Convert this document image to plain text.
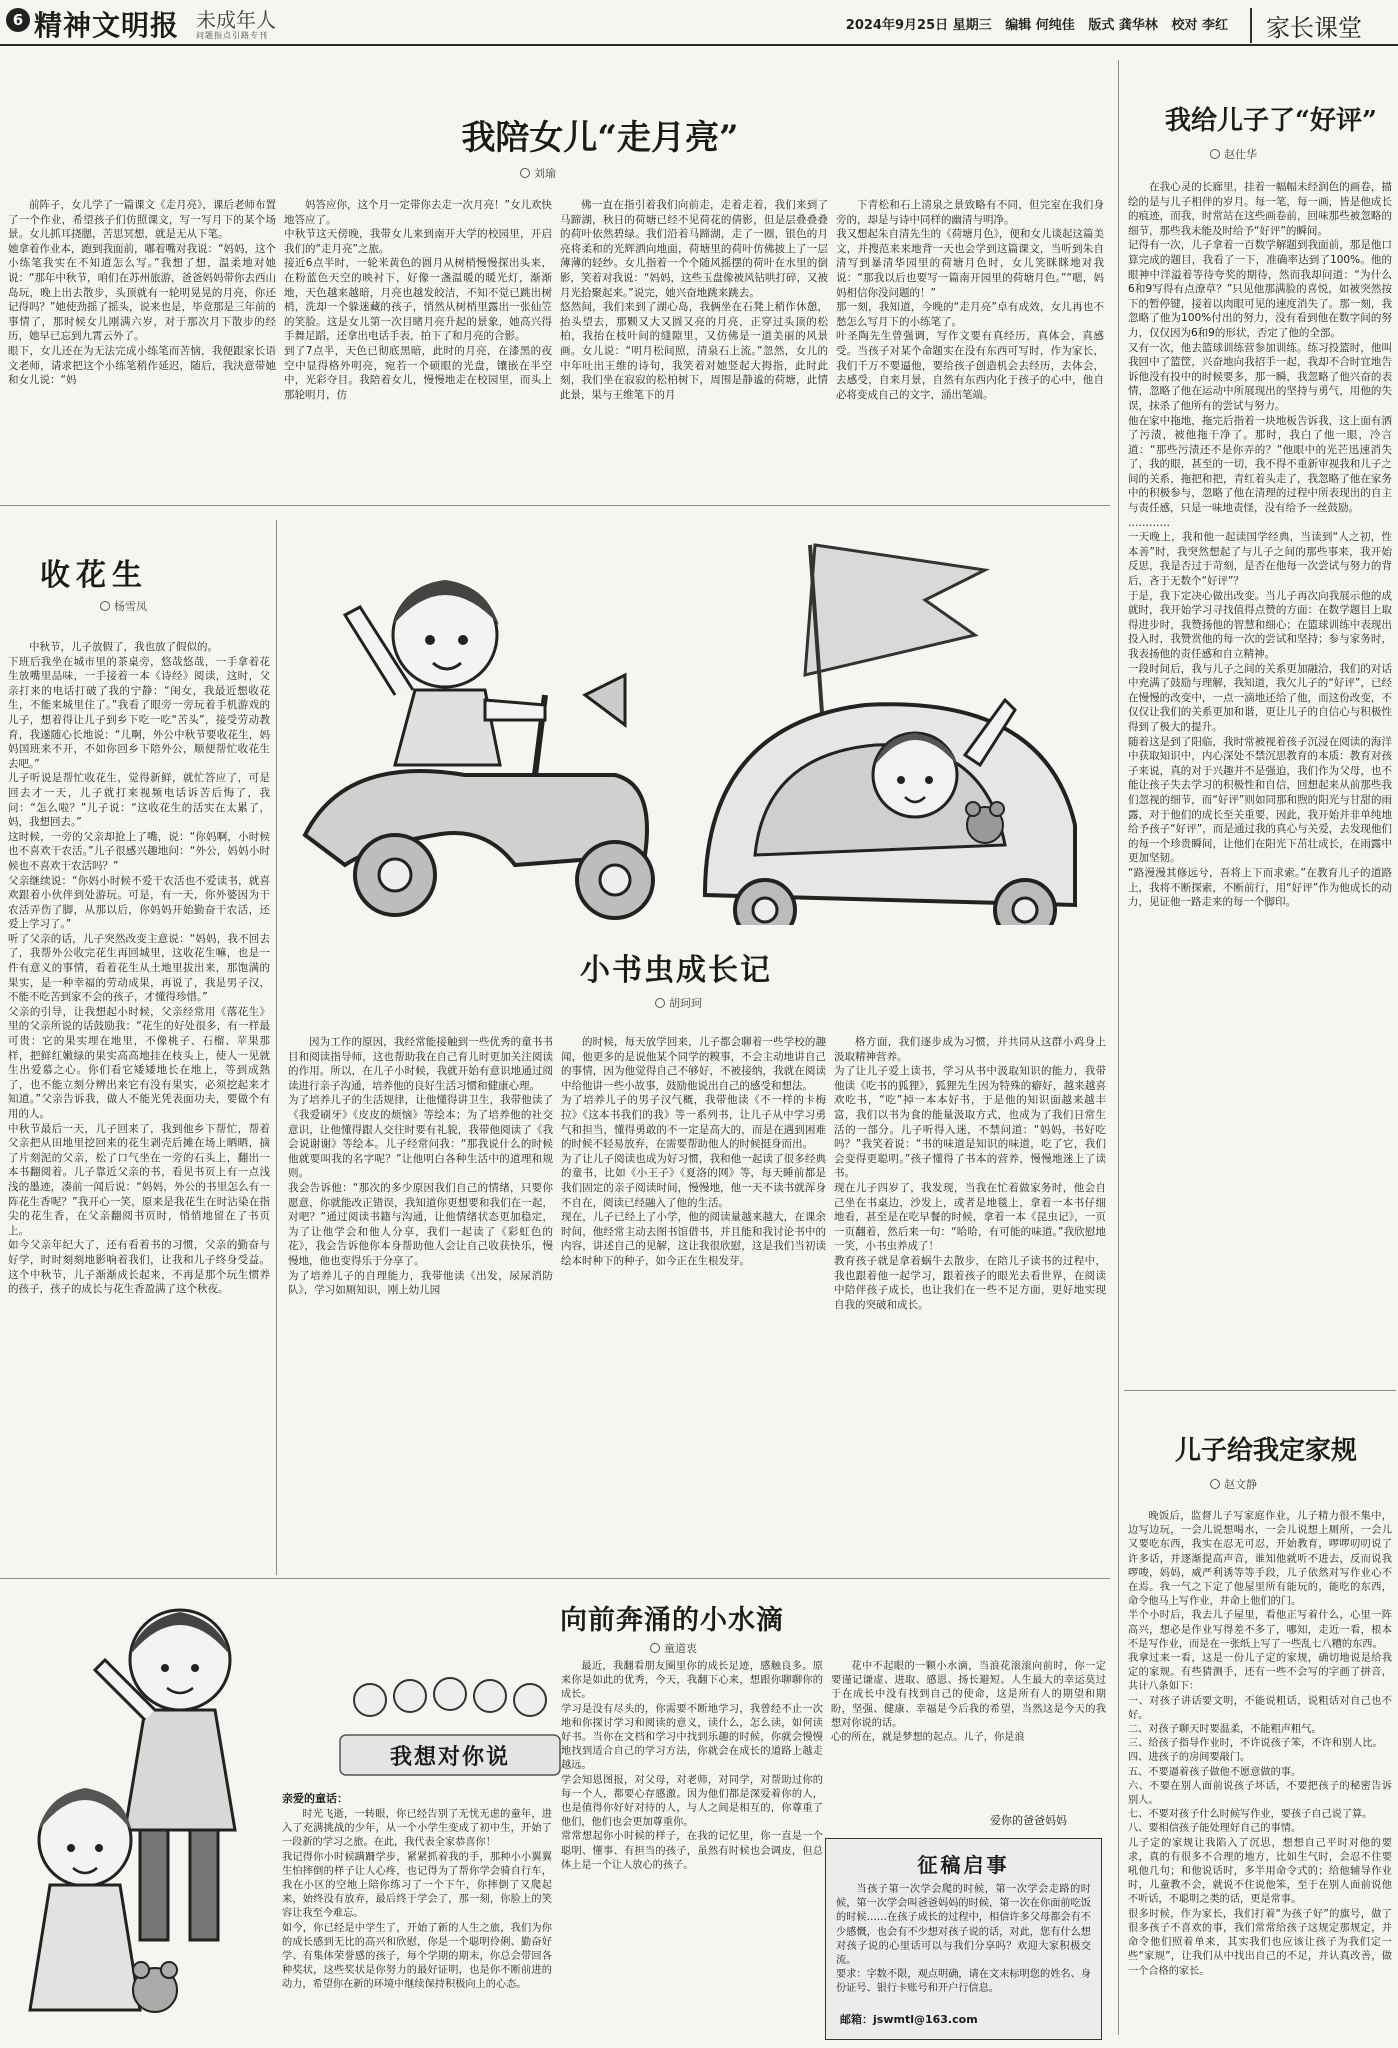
6 精神文明报 未成年人
问题指点引路专刊
2024年9月25日 星期三 编辑 何纯佳 版式 龚华林 校对 李红	家长课堂
我陪女儿“走月亮”
刘瑜
前阵子，女儿学了一篇课文《走月亮》，课后老师布置了一个作业，希望孩子们仿照课文，写一写月下的某个场景。女儿抓耳挠腮，苦思冥想，就是无从下笔。
她拿着作业本，跑到我面前，嘟着嘴对我说：“妈妈，这个小练笔我实在不知道怎么写。”我想了想，温柔地对她说：“那年中秋节，咱们在苏州旅游，爸爸妈妈带你去西山岛玩，晚上出去散步，头顶就有一轮明晃晃的月亮，你还记得吗？”她使劲摇了摇头，说来也是，毕竟那是三年前的事情了，那时候女儿刚满六岁，对于那次月下散步的经历，她早已忘到九霄云外了。
眼下，女儿还在为无法完成小练笔而苦恼，我便跟家长语文老师，请求把这个小练笔稍作延迟，随后，我決意带她和女儿说：“妈
妈答应你，这个月一定带你去走一次月亮！”女儿欢快地答应了。
中秋节这天傍晚，我带女儿来到南开大学的校园里，开启我们的“走月亮”之旅。
接近6点半时，一轮米黄色的圆月从树梢慢慢探出头来，在粉蓝色天空的映衬下，好像一盏温暖的暖光灯，渐渐地，天色越来越暗，月亮也越发皎洁，不知不觉已跳出树梢，洗却一个躲迷藏的孩子，悄然从树梢里露出一张仙笠的笑脸。这是女儿第一次目睹月亮升起的景象，她高兴得手舞足蹈，还拿出电话手表，拍下了和月亮的合影。
到了7点半，天色已彻底黑暗，此时的月亮，在漆黑的夜空中显得格外明亮，宛若一个硕眼的光盘，镶嵌在半空中，光彩夺目。我陪着女儿，慢慢地走在校园里，而头上那轮明月，仿
佛一直在指引着我们向前走，走着走着，我们来到了马蹄湖，秋日的荷塘已经不见荷花的倩影，但是层叠叠叠的荷叶依然碧绿。我们沿着马蹄湖，走了一圈，银色的月亮将柔和的光辉洒向地面，荷塘里的荷叶仿佛披上了一层薄薄的轻纱。女儿指着一个个随风摇摆的荷叶在水里的倒影，笑着对我说：“妈妈，这些玉盘像被风钻哄打碎，又被月光拾聚起来。”说完，她兴奋地跳来跳去。
悠然间，我们来到了湖心岛，我俩坐在石凳上稍作休憩，抬头望去，那颗又大又圆又亮的月亮，正穿过头顶的松柏，我抬在枝叶间的缝隙里，又仿佛是一道美丽的风景画。女儿说：“明月松间照，清泉石上流。”忽然，女儿的中年吐出王维的诗句，我笑着对她竖起大拇指，此时此刻，我们坐在寂寂的松柏树下，周围是静谧的荷塘，此情此景，果与王维笔下的月
下青松和石上清泉之景致略有不同，但完室在我们身旁的，却是与诗中同样的幽清与明净。
我又想起朱自清先生的《荷塘月色》，便和女儿谈起这篇美文，并搜范来来地背一天也会学到这篇课文，当听到朱自清写到暴清华园里的荷塘月色时，女儿笑眯眯地对我说：“那我以后也要写一篇南开园里的荷塘月色。”“嗯，妈妈相信你没问题的！”
那一刻，我知道，今晚的“走月亮”卓有成效，女儿再也不愁怎么写月下的小练笔了。
叶圣陶先生曾强调，写作文要有真经历，真体会，真感受。当孩子对某个命题实在没有东西可写时，作为家长，我们千万不要逼他，要给孩子创造机会去经历，去体会，去感受，自来月景，自然有东西内化于孩子的心中，他自必将变成自己的文字，涌出笔端。
收花生
杨雪凤
中秋节，儿子放假了，我也放了假似的。
下班后我坐在城市里的茶桌旁，悠哉悠哉，一手拿着花生放嘴里品味，一手接着一本《诗经》阅读，这时，父亲打来的电话打破了我的宁静：“闺女，我最近想收花生，不能来城里住了。”我看了眼旁一旁玩着手机游戏的儿子，想着得让儿子到乡下吃一吃“苦头”，接受劳动教育，我遂随心长地说：“儿啊，外公中秋节要收花生，妈妈国班来不开，不如你回乡下陪外公，顺便帮忙收花生去吧。”
儿子听说是帮忙收花生，觉得新鲜，就忙答应了，可是回去才一天，儿子就打来视频电话诉苦后悔了，我问：“怎么啦？”儿子说：“这收花生的活实在太累了，妈，我想回去。”
这时候，一旁的父亲却抢上了嘴，说：“你妈啊，小时候也不喜欢干农活。”儿子很感兴趣地问：“外公，妈妈小时候也不喜欢干农活吗？”
父亲继续说：“你妈小时候不爱干农活也不爱读书，就喜欢跟着小伙伴到处游玩。可是，有一天，你外婆因为干农活弄伤了脚，从那以后，你妈妈开始勤奋干农活，还爱上学习了。”
听了父亲的话，儿子突然改变主意说：“妈妈，我不回去了，我帮外公收完花生再回城里，这收花生嘛，也是一件有意义的事情，看着花生从土地里拔出来，那饱满的果实，是一种幸福的劳动成果，再说了，我是男子汉，不能不吃苦到家不会的孩子，才懂得珍惜。”
父亲的引导，让我想起小时候，父亲经常用《落花生》里的父亲所说的话鼓励我：“花生的好处很多，有一样最可贵：它的果实埋在地里，不像桃子、石榴、苹果那样，把鲜红嫩绿的果实高高地挂在枝头上，使人一见就生出爱慕之心。你们看它矮矮地长在地上，等到成熟了，也不能立刻分辨出来它有没有果实，必须挖起来才知道。”父亲告诉我，做人不能光凭表面功夫，要做个有用的人。
中秋节最后一天，儿子回来了，我到他乡下帮忙，帮着父亲把从田地里挖回来的花生剥壳后摊在场上晒晒，摘了片刻泥的父亲，松了口气坐在一旁的石头上，翻出一本书翻阅着。儿子靠近父亲的书，看见书页上有一点浅浅的墨迹，凑前一闻后说：“妈妈，外公的书里怎么有一阵花生香呢？”我开心一笑，原来是我花生在时沾染在指尖的花生香，在父亲翻阅书页时，悄悄地留在了书页上。
如今父亲年纪大了，还有看着书的习惯，父亲的勤奋与好学，时时刻刻地影响着我们，让我和儿子终身受益。这个中秋节，儿子渐渐成长起来，不再是那个玩生惯养的孩子，孩子的成长与花生香盈满了这个秋夜。
小书虫成长记
胡珂珂
因为工作的原因，我经常能接触到一些优秀的童书书目和阅读指导师，这也帮助我在自己育儿时更加关注阅读的作用。所以，在儿子小时候，我就开始有意识地通过阅读进行亲子沟通，培养他的良好生活习惯和健康心理。
为了培养儿子的生活规律，让他懂得讲卫生，我带他读了《我爱刷牙》《皮皮的烦恼》等绘本；为了培养他的社交意识，让他懂得跟人交往时要有礼貌，我带他阅读了《我会说谢谢》等绘本。儿子经常问我：“那我说什么的时候他就要叫我的名字呢？”让他明白各种生活中的道理和规则。
我会告诉他：“那次的多少原因我们自己的情绪，只要你愿意，你就能改正错误，我知道你更想要和我们在一起，对吧？”通过阅读书籍与沟通，让他情绪状态更加稳定，为了让他学会和他人分享，我们一起读了《彩虹色的花》，我会告诉他你本身帮助他人会让自己收获快乐，慢慢地，他也变得乐于分享了。
为了培养儿子的自理能力，我带他读《出发，尿尿消防队》，学习如厕知识，刚上幼儿园
的时候，每天放学回来，儿子都会聊着一些学校的趣闻，他更多的是说他某个同学的糗事，不会主动地讲自己的事情，因为他觉得自己不够好，不被接纳，我就在阅读中给他讲一些小故事，鼓励他说出自己的感受和想法。
为了培养儿子的男子汉气概，我带他读《不一样的卡梅拉》《这本书我们的我》等一系列书，让儿子从中学习勇气和担当，懂得勇敢的不一定是高大的，而是在遇到困难的时候不轻易放弃，在需要帮助他人的时候挺身而出。
为了让儿子阅读也成为好习惯，我和他一起读了很多经典的童书，比如《小王子》《夏洛的网》等，每天睡前都是我们固定的亲子阅读时间，慢慢地，他一天不读书就浑身不自在，阅读已经融入了他的生活。
现在，儿子已经上了小学，他的阅读量越来越大，在课余时间，他经常主动去图书馆借书，并且能和我讨论书中的内容，讲述自己的见解，这让我很欣慰，这是我们当初读绘本时种下的种子，如今正在生根发芽。
格方面，我们逐步成为习惯，并共同从这群小鸡身上汲取精神营养。
为了让儿子爱上读书，学习从书中汲取知识的能力，我带他读《吃书的狐狸》，狐狸先生因为特殊的癖好，越来越喜欢吃书，“吃”掉一本本好书，于是他的知识面越来越丰富，我们以书为食的能量汲取方式，也成为了我们日常生活的一部分。儿子听得入迷，不禁问道：“妈妈，书好吃吗？”我笑着说：“书的味道是知识的味道，吃了它，我们会变得更聪明。”孩子懂得了书本的营养，慢慢地迷上了读书。
现在儿子四岁了，我发现，当我在忙着做家务时，他会自己坐在书桌边，沙发上，或者是地毯上，拿着一本书仔细地看，甚至是在吃早餐的时候，拿着一本《昆虫记》，一页一页翻着，然后来一句：“哈哈，有可能的味道。”我欣慰地一笑，小书虫养成了！
教育孩子就是拿着蜗牛去散步，在陪儿子读书的过程中，我也跟着他一起学习，跟着孩子的眼光去看世界，在阅读中陪伴孩子成长，也让我们在一些不足方面，更好地实现自我的突破和成长。
向前奔涌的小水滴
童道衷
我想对你说
亲爱的童话：
时光飞逝，一转眼，你已经告别了无忧无虑的童年，进入了充满挑战的少年，从一个小学生变成了初中生，开始了一段新的学习之旅。在此，我代表全家恭喜你！
我记得你小时候蹒跚学步，紧紧抓着我的手，那种小小翼翼生怕摔倒的样子让人心疼，也记得为了帮你学会骑自行车，我在小区的空地上陪你练习了一个下午，你摔倒了又爬起来，始终没有放弃，最后终于学会了，那一刻，你脸上的笑容让我至今难忘。
如今，你已经是中学生了，开始了新的人生之旅，我们为你的成长感到无比的高兴和欣慰，你是一个聪明伶俐、勤奋好学、有集体荣誉感的孩子，每个学期的期末，你总会带回各种奖状，这些奖状是你努力的最好证明，也是你不断前进的动力，希望你在新的环境中继续保持积极向上的心态。
最近，我翻看朋友圈里你的成长足迹，感触良多。原来你是如此的优秀，今天，我翻下心来，想跟你聊聊你的成长。
学习是没有尽头的，你需要不断地学习，我曾经不止一次地和你探讨学习和阅读的意义，读什么，怎么读，如何读好书。当你在文档和学习中找到乐趣的时候，你就会慢慢地找到适合自己的学习方法，你就会在成长的道路上越走越远。
学会知恩图报，对父母，对老师，对同学，对帮助过你的每一个人，都要心存感激。因为他们都是深爱着你的人，也是值得你好好对待的人，与人之间是相互的，你尊重了他们，他们也会更加尊重你。
常常想起你小时候的样子，在我的记忆里，你一直是一个聪明、懂事、有担当的孩子，虽然有时候也会调皮，但总体上是一个让人放心的孩子。
花中不起眼的一颗小水滴，当浪花滚滚向前时，你一定要谨记谦虚、进取、感恩、扬长避短。人生最大的幸运莫过于在成长中没有找到自己的使命，这是所有人的期望和期盼，坚强、健康、幸福是今后我的希望，当然这是今天的我想对你说的话。
心的所在，就是梦想的起点。儿子，你是浪
爱你的爸爸妈妈
征稿启事
当孩子第一次学会爬的时候，第一次学会走路的时候，第一次学会叫爸爸妈妈的时候，第一次在你面前吃饭的时候……在孩子成长的过程中，相信许多父母都会有不少感慨，也会有不少想对孩子说的话，对此，您有什么想对孩子说的心里话可以与我们分享吗？欢迎大家积极交流。
要求：字数不限，观点明确，请在文末标明您的姓名、身份证号、银行卡账号和开户行信息。
邮箱：jswmtl@163.com
我给儿子了“好评”
赵仕华
在我心灵的长廊里，挂着一幅幅未经润色的画卷，描绘的是与儿子相伴的岁月。每一笔，每一画，皆是他成长的痕迹，而我，时常站在这些画卷前，回味那些被忽略的细节，那些我未能及时给予“好评”的瞬间。
记得有一次，儿子拿着一百数学解题到我面前，那是他口算完成的题目，我看了一下，准确率达到了100%。他的眼神中洋溢着等待夸奖的期待，然而我却问道：“为什么6和9写得有点潦草？”只见他那满脸的喜悦，如被突然按下的暂停键，接着以肉眼可见的速度消失了。那一刻，我忽略了他为100%付出的努力，没有看到他在数字间的努力，仅仅因为6和9的形状，否定了他的全部。
又有一次，他去篮球训练营参加训练。练习投篮时，他叫我回中了篮筐，兴奋地向我招手一起，我却不合时宜地告诉他没有投中的时候要多，那一瞬，我忽略了他兴奋的表情，忽略了他在运动中所展现出的坚持与勇气，用他的失误，抹杀了他所有的尝试与努力。
他在家中拖地，拖完后指着一块地板告诉我，这上面有洒了污渍，被他拖干净了。那时，我白了他一眼，冷言道：“那些污渍还不是你弄的？”他眼中的光芒迅速消失了，我的眼，甚至的一切，我不得不重新审视我和儿子之间的关系，拖把和把，青红着头走了，我忽略了他在家务中的积极参与，忽略了他在清理的过程中所表现出的自主与责任感，只是一味地责怪，没有给予一丝鼓励。
…………
一天晚上，我和他一起读国学经典，当读到“人之初，性本善”时，我突然想起了与儿子之间的那些事来，我开始反思，我是否过于苛刻，是否在他每一次尝试与努力的背后，吝于无数个“好评”？
于是，我下定决心做出改变。当儿子再次向我展示他的成就时，我开始学习寻找值得点赞的方面：在数学题目上取得进步时，我赞扬他的智慧和细心；在篮球训练中表现出投入时，我赞赏他的每一次的尝试和坚持；参与家务时，我表扬他的责任感和自立精神。
一段时间后，我与儿子之间的关系更加融洽，我们的对话中充满了鼓励与理解，我知道，我欠儿子的“好评”，已经在慢慢的改变中，一点一滴地还给了他，而这份改变，不仅仅让我们的关系更加和谐，更让儿子的自信心与积极性得到了极大的提升。
随着这是到了阳临，我时常被视着孩子沉浸在阅读的海洋中获取知识中，内心深处不禁沉思教育的本质：教育对孩子来说，真的对于兴趣并不是强迫，我们作为父母，也不能让孩子失去学习的积极性和自信，回想起来从前那些我们忽视的细节，而“好评”则如同那和煦的阳光与甘甜的雨露，对于他们的成长至关重要，因此，我开始并非单纯地给予孩子“好评”，而是通过我的真心与关爱，去发现他们的每一个珍贵瞬间，让他们在阳光下茁壮成长，在雨露中更加坚韧。
“路漫漫其修远兮，吾将上下而求索。”在教育儿子的道路上，我将不断探索，不断前行，用“好评”作为他成长的动力，见证他一路走来的每一个脚印。
儿子给我定家规
赵文静
晚饭后，监督儿子写家庭作业，儿子精力很不集中，边写边玩，一会儿说想喝水，一会儿说想上厕所，一会儿又要吃东西，我实在忍无可忍，开始教育，啰啰叨叨说了许多话，并逐渐提高声音，谁知他就听不进去，反而说我啰唆，妈妈，威严利诱等等手段，儿子依然对写作业心不在焉。我一气之下定了他屋里所有能玩的，能吃的东西，命令他马上写作业，并命上他们的门。
半个小时后，我去儿子屋里，看他正写着什么，心里一阵高兴，想必是作业写得差不多了，哪知，走近一看，根本不是写作业，而是在一张纸上写了一些乱七八糟的东西。
我拿过来一看，这是一份儿子定的家规，确切地说是给我定的家规。有些猜测手，还有一些不会写的字画了拼音，共计八条如下：
一、对孩子讲话要文明，不能说粗话，说粗话对自己也不好。
二、对孩子聊天时要温柔，不能粗声粗气。
三、给孩子指导作业时，不许说孩子笨，不许和别人比。
四、进孩子的房间要敲门。
五、不要逼着孩子做他不愿意做的事。
六、不要在别人面前说孩子坏话，不要把孩子的秘密告诉别人。
七、不要对孩子什么时候写作业，要孩子自己说了算。
八、要相信孩子能处理好自己的事情。
儿子定的家规让我陷入了沉思，想想自己平时对他的要求，真的有很多不合理的地方，比如生气时，会忍不住要吼他几句；和他说话时，多半用命令式的；给他辅导作业时，儿童教不会，就说不住说他笨，至于在别人面前说他不听话，不聪明之类的话，更是常事。
很多时候，作为家长，我们打着“为孩子好”的旗号，做了很多孩子不喜欢的事，我们常常给孩子这规定那规定，并命令他们照着单来，其实我们也应该让孩子为我们定一些“家规”，让我们从中找出自己的不足，并认真改善，做一个合格的家长。
